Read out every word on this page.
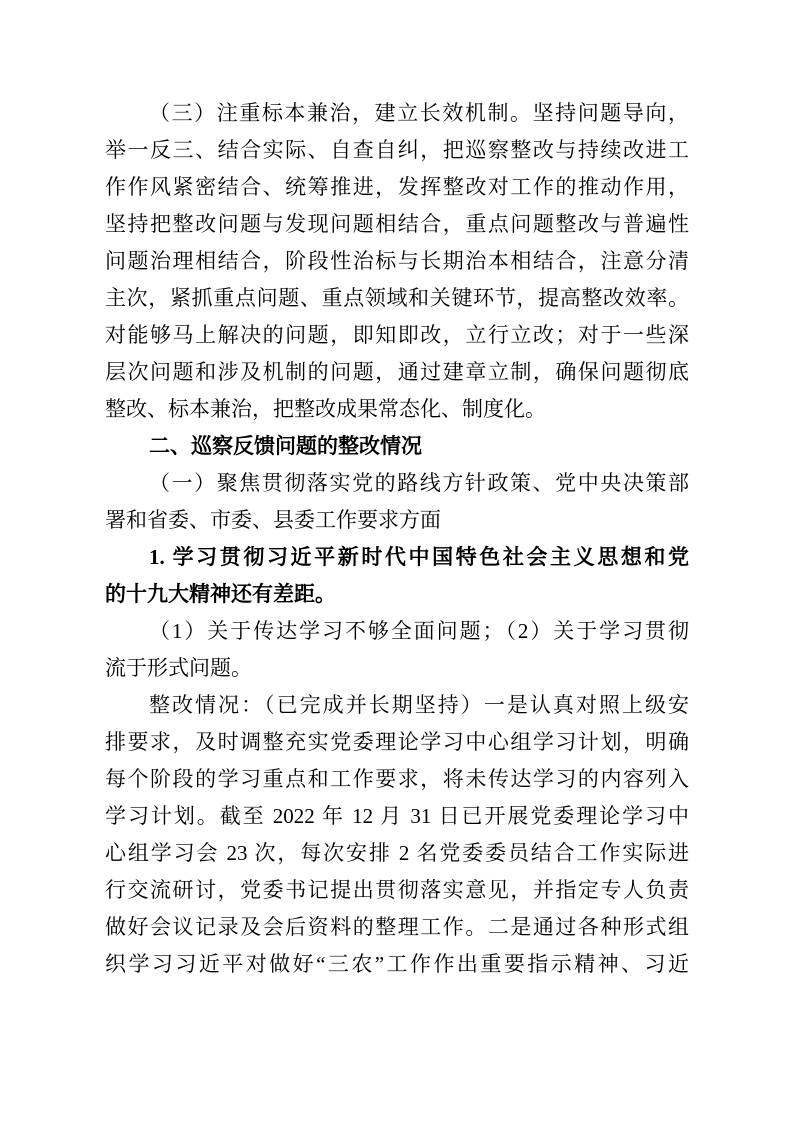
（三）注重标本兼治，建立长效机制。坚持问题导向，
举一反三、结合实际、自查自纠，把巡察整改与持续改进工
作作风紧密结合、统筹推进，发挥整改对工作的推动作用，
坚持把整改问题与发现问题相结合，重点问题整改与普遍性
问题治理相结合，阶段性治标与长期治本相结合，注意分清
主次，紧抓重点问题、重点领域和关键环节，提高整改效率。
对能够马上解决的问题，即知即改，立行立改；对于一些深
层次问题和涉及机制的问题，通过建章立制，确保问题彻底
整改、标本兼治，把整改成果常态化、制度化。
二、巡察反馈问题的整改情况
（一）聚焦贯彻落实党的路线方针政策、党中央决策部
署和省委、市委、县委工作要求方面
1. 学习贯彻习近平新时代中国特色社会主义思想和党
的十九大精神还有差距。
（1）关于传达学习不够全面问题；（2）关于学习贯彻
流于形式问题。
整改情况：（已完成并长期坚持）一是认真对照上级安
排要求，及时调整充实党委理论学习中心组学习计划，明确
每个阶段的学习重点和工作要求，将未传达学习的内容列入
学习计划。截至 2022 年 12 月 31 日已开展党委理论学习中
心组学习会 23 次，每次安排 2 名党委委员结合工作实际进
行交流研讨，党委书记提出贯彻落实意见，并指定专人负责
做好会议记录及会后资料的整理工作。二是通过各种形式组
织学习习近平对做好“三农”工作作出重要指示精神、习近
